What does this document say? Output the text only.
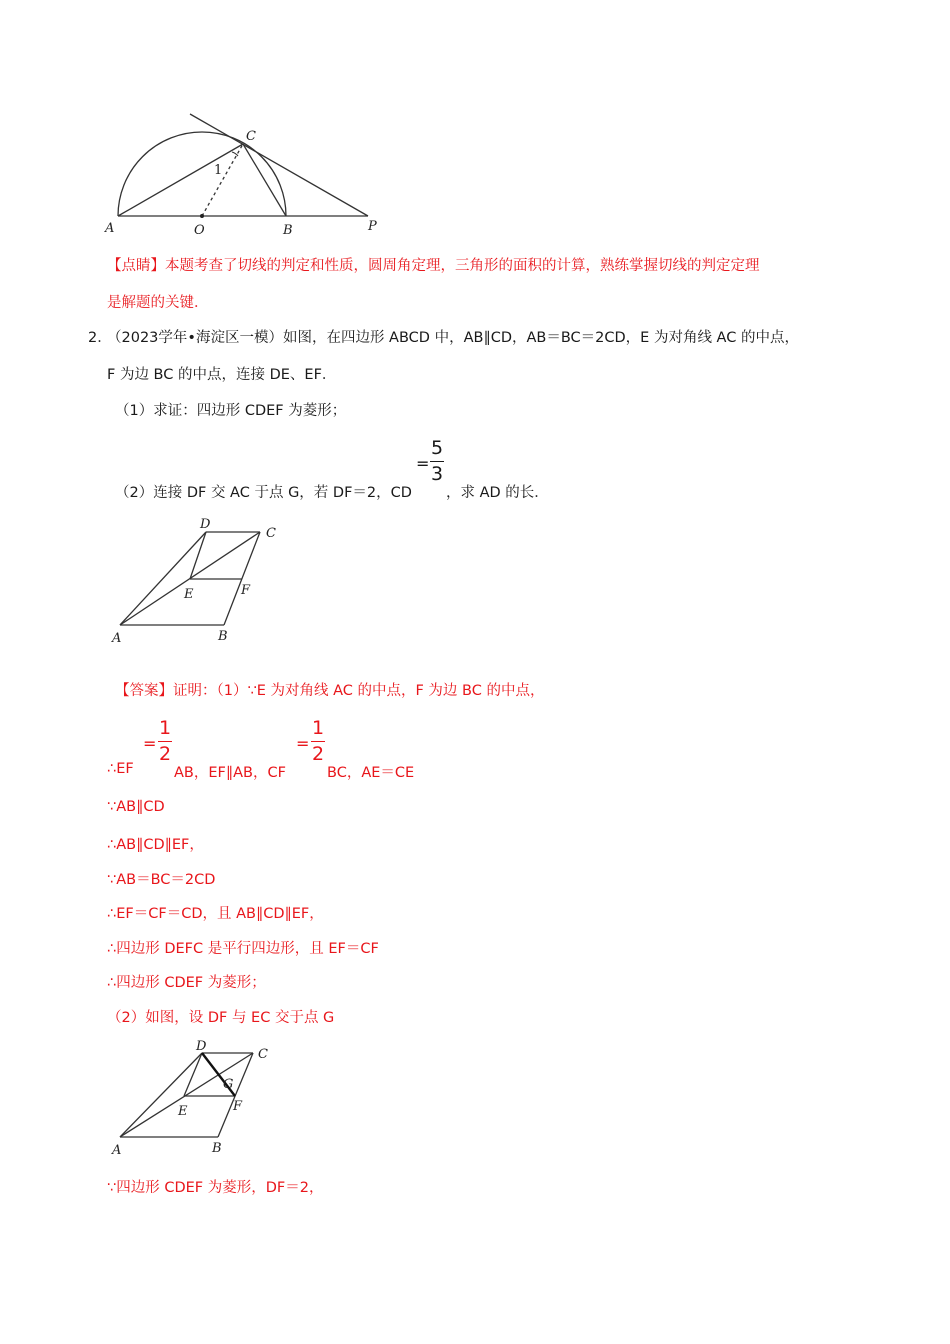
A	O	B	P
C
1
【点睛】本题考查了切线的判定和性质，圆周角定理，三角形的面积的计算，熟练掌握切线的判定定理
是解题的关键．
2．
（2023学年•海淀区一模）如图，在四边形 ABCD 中，AB∥CD，AB＝BC＝2CD，E 为对角线 AC 的中点，
F 为边 BC 的中点，连接 DE、EF．
（1）求证：四边形 CDEF 为菱形；
（2）连接 DF 交 AC 于点 G，若 DF＝2，CD
=
5
3
，求 AD 的长．
A	B
C
D
E	F
【答案】证明：（1）∵E 为对角线 AC 的中点，F 为边 BC 的中点，
∴EF
=
1
2
AB，EF∥AB，CF
=
1
2
BC，AE＝CE
∵AB∥CD
∴AB∥CD∥EF，
∵AB＝BC＝2CD
∴EF＝CF＝CD，且 AB∥CD∥EF，
∴四边形 DEFC 是平行四边形，且 EF＝CF
∴四边形 CDEF 为菱形；
（2）如图，设 DF 与 EC 交于点 G
A	B
C
D
E	F
G
∵四边形 CDEF 为菱形，DF＝2，
